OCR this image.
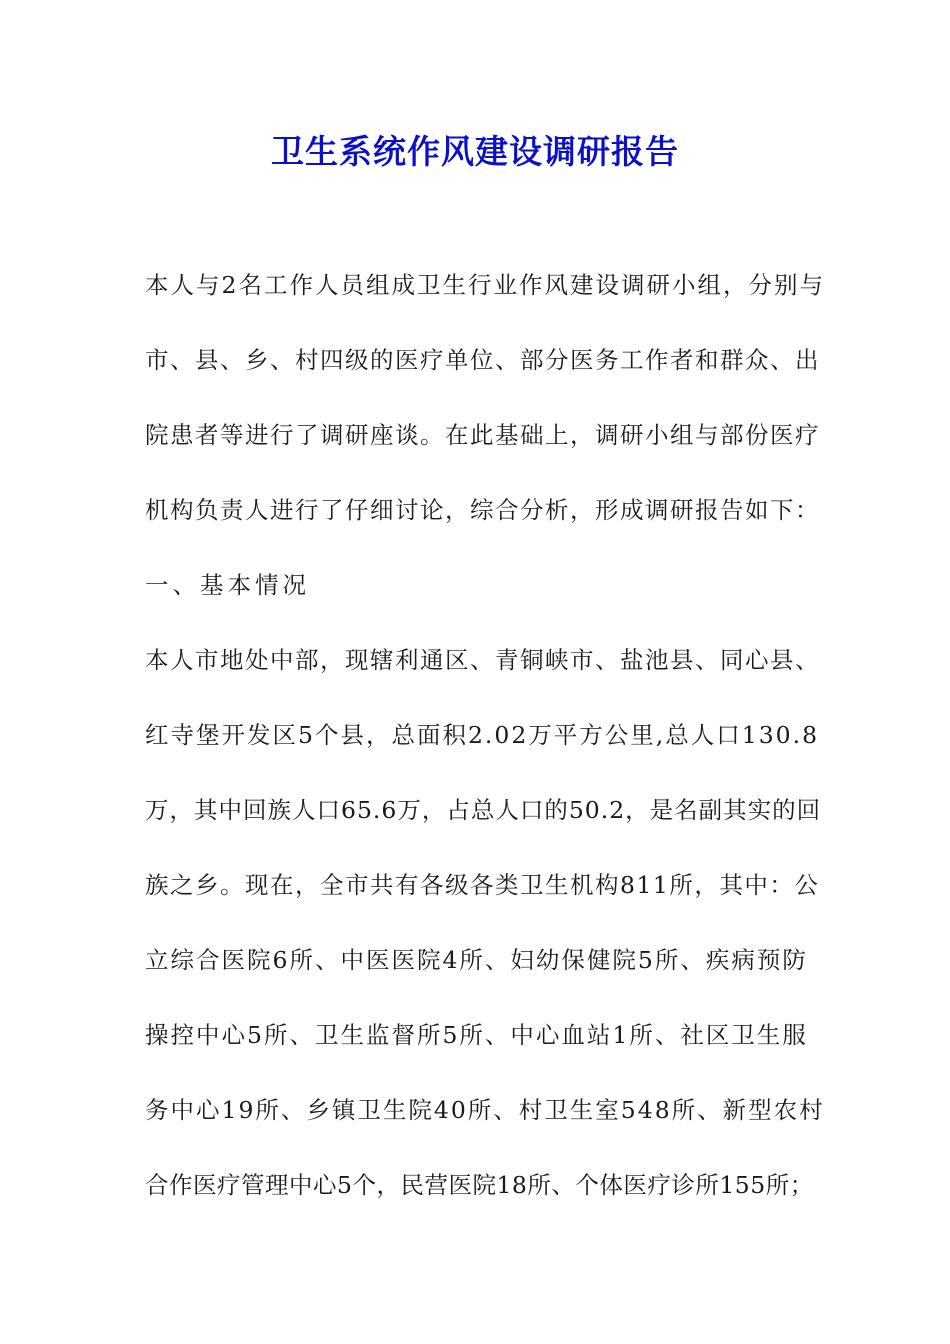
卫生系统作风建设调研报告
本人与2名工作人员组成卫生行业作风建设调研小组，分别与
市、县、乡、村四级的医疗单位、部分医务工作者和群众、出
院患者等进行了调研座谈。在此基础上，调研小组与部份医疗
机构负责人进行了仔细讨论，综合分析，形成调研报告如下：
一、基本情况
本人市地处中部，现辖利通区、青铜峡市、盐池县、同心县、
红寺堡开发区5个县，总面积2.02万平方公里,总人口130.8
万，其中回族人口65.6万，占总人口的50.2，是名副其实的回
族之乡。现在，全市共有各级各类卫生机构811所，其中：公
立综合医院6所、中医医院4所、妇幼保健院5所、疾病预防
操控中心5所、卫生监督所5所、中心血站1所、社区卫生服
务中心19所、乡镇卫生院40所、村卫生室548所、新型农村
合作医疗管理中心5个，民营医院18所、个体医疗诊所155所；
